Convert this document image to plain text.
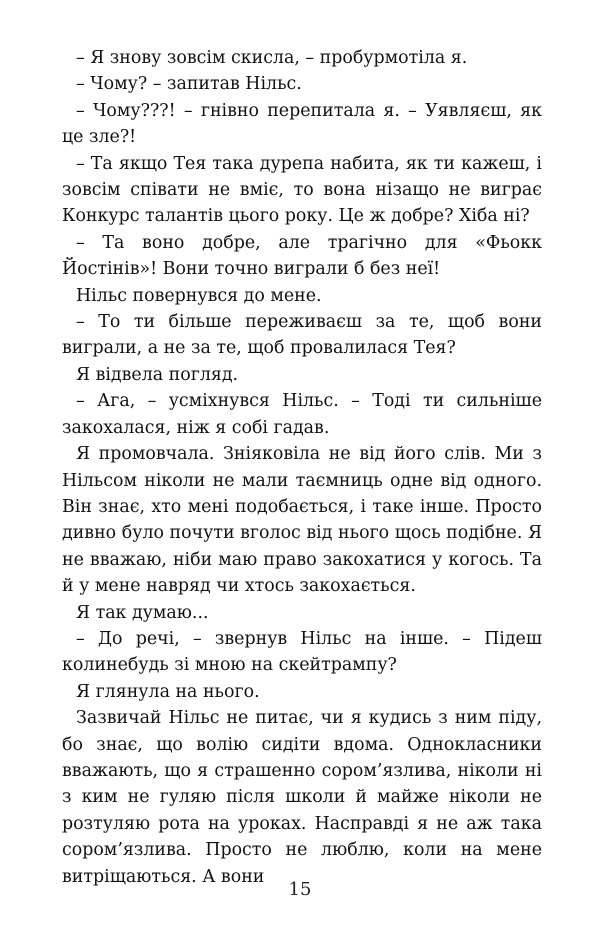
– Я знову зовсім скисла, – пробурмотіла я.

– Чому? – запитав Нільс.

– Чому???! – гнівно перепитала я. – Уявляєш, як це зле?!

– Та якщо Тея така дурепа набита, як ти кажеш, і зовсім співати не вміє, то вона нізащо не виграє Конкурс талантів цього року. Це ж добре? Хіба ні?

– Та воно добре, але трагічно для «Фьокк Йостінів»! Вони точно виграли б без неї!

Нільс повернувся до мене.

– То ти більше переживаєш за те, щоб вони виграли, а не за те, щоб провалилася Тея?

Я відвела погляд.

– Ага, – усміхнувся Нільс. – Тоді ти сильніше закохалася, ніж я собі гадав.

Я промовчала. Зніяковіла не від його слів. Ми з Нільсом ніколи не мали таємниць одне від одного. Він знає, хто мені подобається, і таке інше. Просто дивно було почути вголос від нього щось подібне. Я не вважаю, ніби маю право закохатися у когось. Та й у мене навряд чи хтось закохається.

Я так думаю...

– До речі, – звернув Нільс на інше. – Підеш колинебудь зі мною на скейтрампу?

Я глянула на нього.

Зазвичай Нільс не питає, чи я кудись з ним піду, бо знає, що волію сидіти вдома. Однокласники вважають, що я страшенно сором’язлива, ніколи ні з ким не гуляю після школи й майже ніколи не розтуляю рота на уроках. Насправді я не аж така сором’язлива. Просто не люблю, коли на мене витріщаються. А вони

15
